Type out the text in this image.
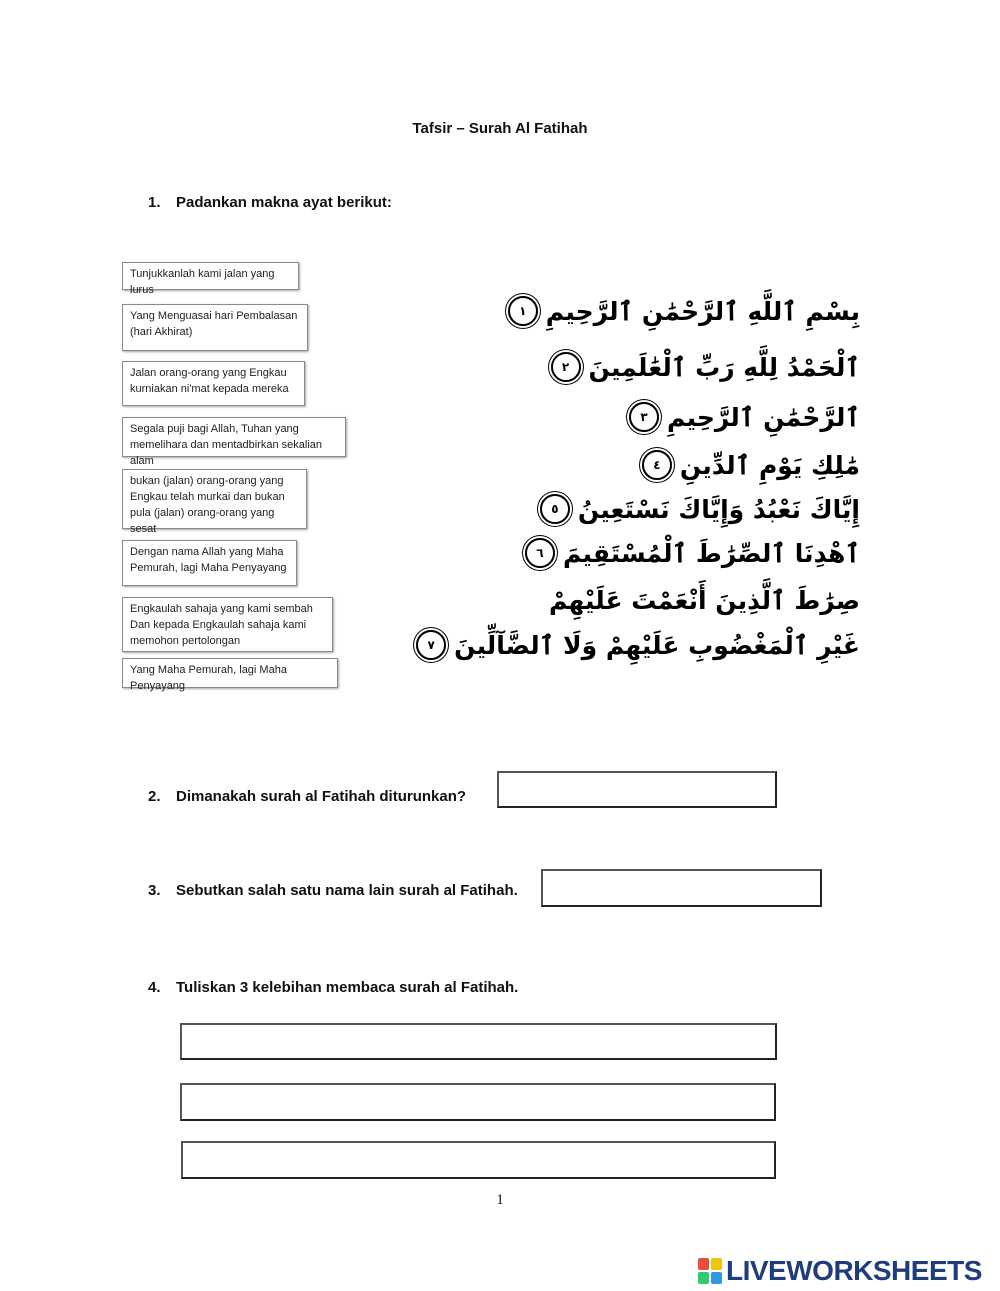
Tafsir – Surah Al Fatihah
1. Padankan makna ayat berikut:
Tunjukkanlah kami jalan yang lurus
Yang Menguasai hari Pembalasan (hari Akhirat)
Jalan orang-orang yang Engkau kurniakan ni'mat kepada mereka
Segala puji bagi Allah, Tuhan yang memelihara dan mentadbirkan sekalian alam
bukan (jalan) orang-orang yang Engkau telah murkai dan bukan pula (jalan) orang-orang yang sesat
Dengan nama Allah yang Maha Pemurah, lagi Maha Penyayang
Engkaulah sahaja yang kami sembah Dan kepada Engkaulah sahaja kami memohon pertolongan
Yang Maha Pemurah, lagi Maha Penyayang
بِسْمِ ٱللَّهِ ٱلرَّحْمَٰنِ ٱلرَّحِيمِ
١
ٱلْحَمْدُ لِلَّهِ رَبِّ ٱلْعَٰلَمِينَ
٢
ٱلرَّحْمَٰنِ ٱلرَّحِيمِ
٣
مَٰلِكِ يَوْمِ ٱلدِّينِ
٤
إِيَّاكَ نَعْبُدُ وَإِيَّاكَ نَسْتَعِينُ
٥
ٱهْدِنَا ٱلصِّرَٰطَ ٱلْمُسْتَقِيمَ
٦
صِرَٰطَ ٱلَّذِينَ أَنْعَمْتَ عَلَيْهِمْ
غَيْرِ ٱلْمَغْضُوبِ عَلَيْهِمْ وَلَا ٱلضَّآلِّينَ
٧
2. Dimanakah surah al Fatihah diturunkan?
3. Sebutkan salah satu nama lain surah al Fatihah.
4. Tuliskan 3 kelebihan membaca surah al Fatihah.
1
LIVEWORKSHEETS
